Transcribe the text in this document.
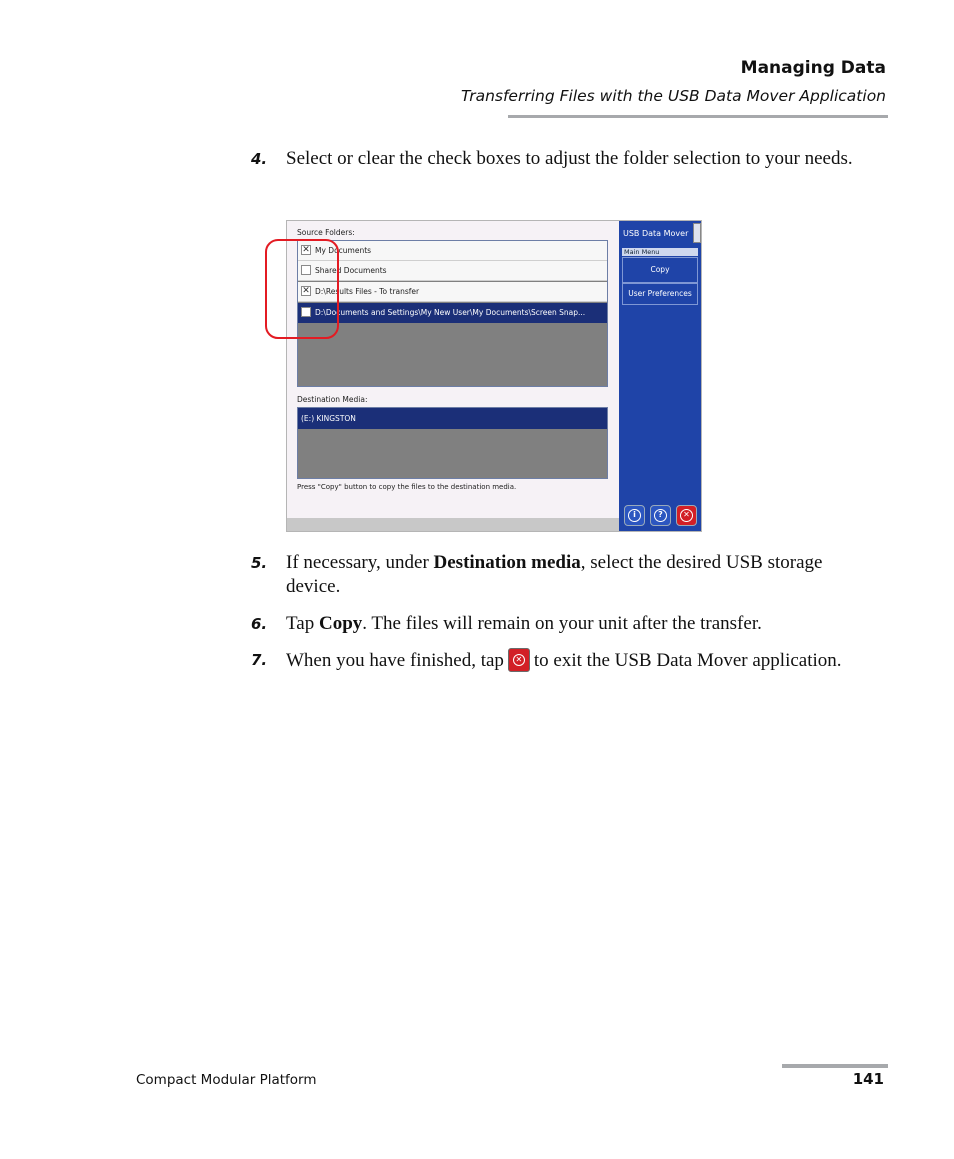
Managing Data
Transferring Files with the USB Data Mover Application
4. Select or clear the check boxes to adjust the folder selection to your needs.
Source Folders:
✕ My Documents
Shared Documents
✕ D:\Results Files - To transfer
D:\Documents and Settings\My New User\My Documents\Screen Snap...
Destination Media:
(E:) KINGSTON
Press "Copy" button to copy the files to the destination media.
USB Data Mover
Main Menu
Copy
User Preferences
i	?	✕
5. If necessary, under Destination media, select the desired USB storage device.
6. Tap Copy. The files will remain on your unit after the transfer.
7. When you have finished, tap	✕ to exit the USB Data Mover application.
Compact Modular Platform	141
